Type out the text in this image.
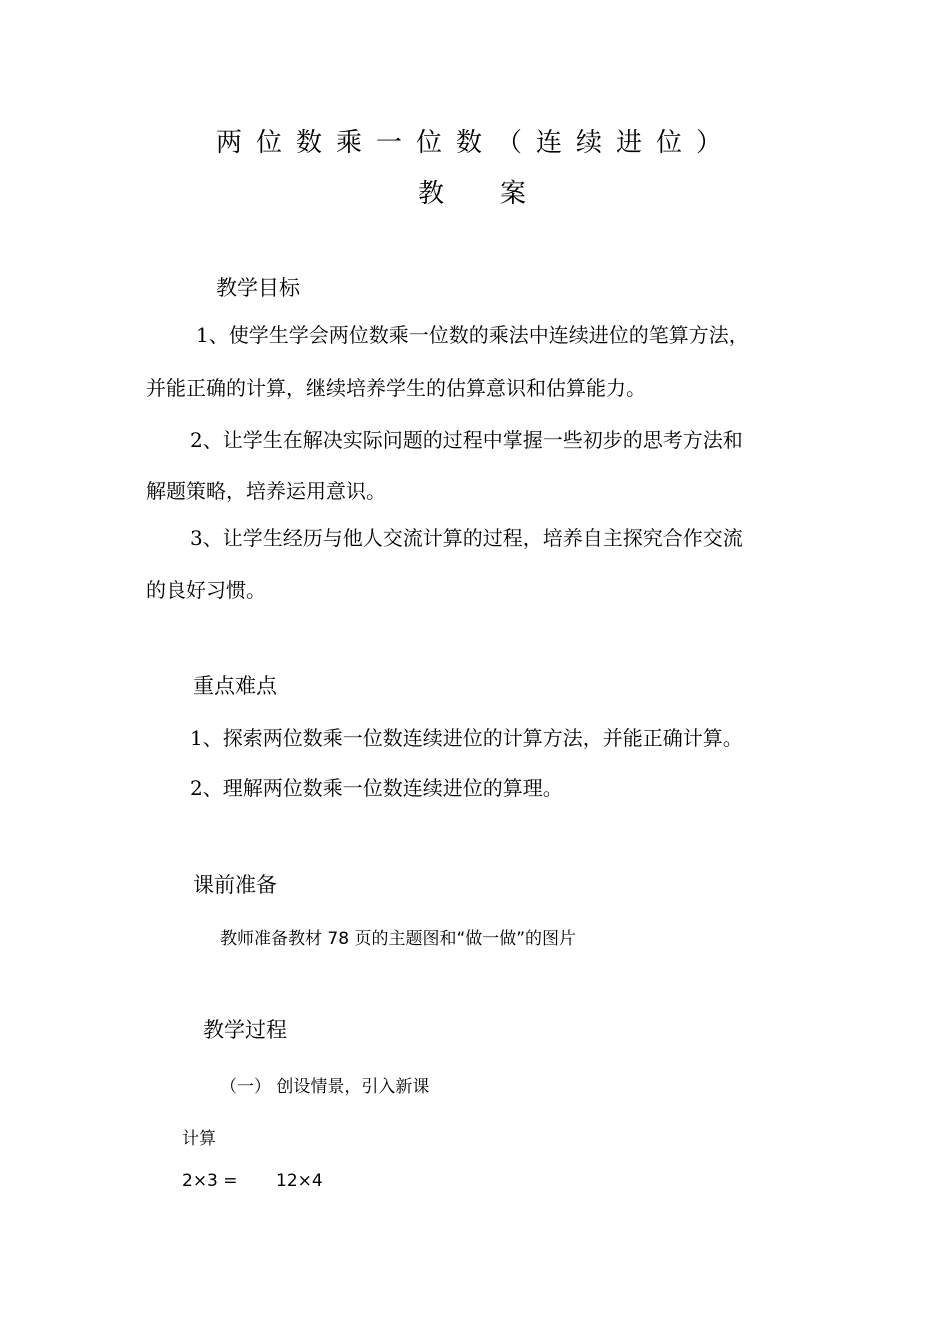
两位数乘一位数（连续进位）
教案
教学目标
1、使学生学会两位数乘一位数的乘法中连续进位的笔算方法，
并能正确的计算，继续培养学生的估算意识和估算能力。
2、让学生在解决实际问题的过程中掌握一些初步的思考方法和
解题策略，培养运用意识。
3、让学生经历与他人交流计算的过程，培养自主探究合作交流
的良好习惯。
重点难点
1、探索两位数乘一位数连续进位的计算方法，并能正确计算。
2、理解两位数乘一位数连续进位的算理。
课前准备
教师准备教材 78 页的主题图和“做一做”的图片
教学过程
（一） 创设情景，引入新课
计算
2×3 = 12×4
